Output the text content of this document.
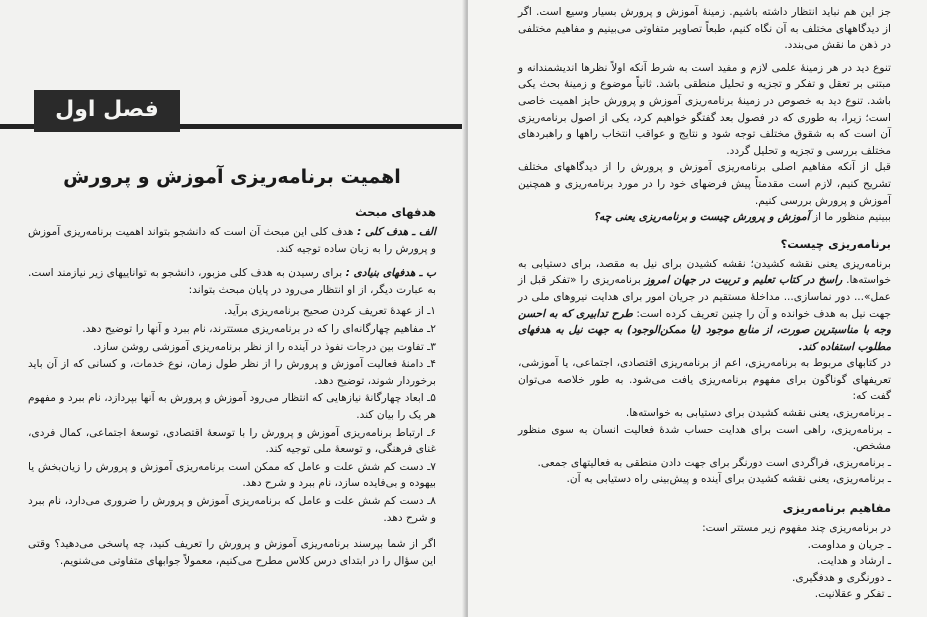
فصل اول
اهمیت برنامه‌ریزی آموزش و پرورش
هدفهای مبحث

الف ـ هدف کلی : هدف کلی این مبحث آن است که دانشجو بتواند اهمیت برنامه‌ریزی آموزش و پرورش را به زبان ساده توجیه کند.

ب ـ هدفهای بنیادی : برای رسیدن به هدف کلی مزبور، دانشجو به تواناییهای زیر نیازمند است. به عبارت دیگر، از او انتظار می‌رود در پایان مبحث بتواند:

۱ـ از عهدهٔ تعریف کردن صحیح برنامه‌ریزی برآید.

۲ـ مفاهیم چهارگانه‌ای را که در برنامه‌ریزی مستترند، نام ببرد و آنها را توضیح دهد.

۳ـ تفاوت بین درجات نفوذ در آینده را از نظر برنامه‌ریزی آموزشی روشن سازد.

۴ـ دامنهٔ فعالیت آموزش و پرورش را از نظر طول زمان، نوع خدمات، و کسانی که از آن باید برخوردار شوند، توضیح دهد.

۵ـ ابعاد چهارگانهٔ نیازهایی که انتظار می‌رود آموزش و پرورش به آنها بپردازد، نام ببرد و مفهوم هر یک را بیان کند.

۶ـ ارتباط برنامه‌ریزی آموزش و پرورش را با توسعهٔ اقتصادی، توسعهٔ اجتماعی، کمال فردی، غنای فرهنگی، و توسعهٔ ملی توجیه کند.

۷ـ دست کم شش علت و عامل که ممکن است برنامه‌ریزی آموزش و پرورش را زیان‌بخش یا بیهوده و بی‌فایده سازد، نام ببرد و شرح دهد.

۸ـ دست کم شش علت و عامل که برنامه‌ریزی آموزش و پرورش را ضروری می‌دارد، نام ببرد و شرح دهد.

اگر از شما بپرسند برنامه‌ریزی آموزش و پرورش را تعریف کنید، چه پاسخی می‌دهید؟ وقتی این سؤال را در ابتدای درس کلاس مطرح می‌کنیم، معمولاً جوابهای متفاوتی می‌شنویم.

جز این هم نباید انتظار داشته باشیم. زمینهٔ آموزش و پرورش بسیار وسیع است. اگر از دیدگاههای مختلف به آن نگاه کنیم، طبعاً تصاویر متفاوتی می‌بینیم و مفاهیم مختلفی در ذهن ما نقش می‌بندد.

تنوع دید در هر زمینهٔ علمی لازم و مفید است به شرط آنکه اولاً نظرها اندیشمندانه و مبتنی بر تعقل و تفکر و تجزیه و تحلیل منطقی باشد. ثانیاً موضوع و زمینهٔ بحث یکی باشد. تنوع دید به خصوص در زمینهٔ برنامه‌ریزی آموزش و پرورش حایز اهمیت خاصی است؛ زیرا، به طوری که در فصول بعد گفتگو خواهیم کرد، یکی از اصول برنامه‌ریزی آن است که به شقوق مختلف توجه شود و نتایج و عواقب انتخاب راهها و راهبردهای مختلف بررسی و تجزیه و تحلیل گردد.

قبل از آنکه مفاهیم اصلی برنامه‌ریزی آموزش و پرورش را از دیدگاههای مختلف تشریح کنیم، لازم است مقدمتاً پیش فرضهای خود را در مورد برنامه‌ریزی و همچنین آموزش و پرورش بررسی کنیم.

ببینیم منظور ما از آموزش و پرورش چیست و برنامه‌ریزی یعنی چه؟

برنامه‌ریزی چیست؟

برنامه‌ریزی یعنی نقشه کشیدن؛ نقشه کشیدن برای نیل به مقصد، برای دستیابی به خواسته‌ها. راسخ در کتاب تعلیم و تربیت در جهان امروز برنامه‌ریزی را «تفکر قبل از عمل»... دور نماسازی... مداخلهٔ مستقیم در جریان امور برای هدایت نیروهای ملی در جهت نیل به هدف خوانده و آن را چنین تعریف کرده است: طرح تدابیری که به احسن وجه با مناسبترین صورت، از منابع موجود (یا ممکن‌الوجود) به جهت نیل به هدفهای مطلوب استفاده کند.

در کتابهای مربوط به برنامه‌ریزی، اعم از برنامه‌ریزی اقتصادی، اجتماعی، یا آموزشی، تعریفهای گوناگون برای مفهوم برنامه‌ریزی یافت می‌شود. به طور خلاصه می‌توان گفت که:

ـ برنامه‌ریزی، یعنی نقشه کشیدن برای دستیابی به خواسته‌ها.

ـ برنامه‌ریزی، راهی است برای هدایت حساب شدهٔ فعالیت انسان به سوی منظور مشخص.

ـ برنامه‌ریزی، فراگردی است دورنگر برای جهت دادن منطقی به فعالیتهای جمعی.

ـ برنامه‌ریزی، یعنی نقشه کشیدن برای آینده و پیش‌بینی راه دستیابی به آن.

مفاهیم برنامه‌ریزی

در برنامه‌ریزی چند مفهوم زیر مستتر است:

ـ جریان و مداومت.

ـ ارشاد و هدایت.

ـ دورنگری و هدفگیری.

ـ تفکر و عقلانیت.
